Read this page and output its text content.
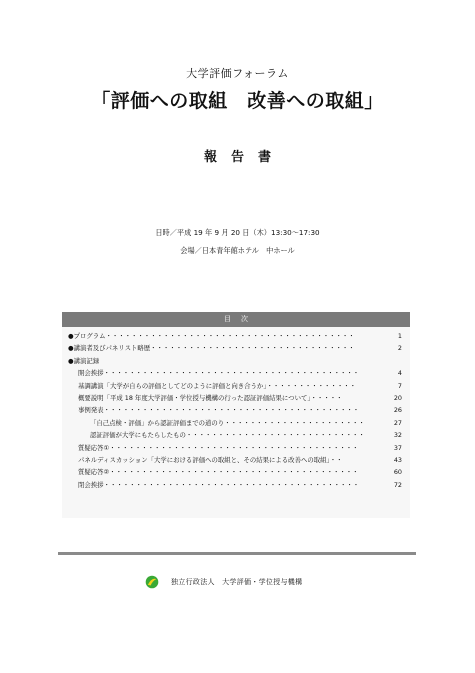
大学評価フォーラム
「評価への取組　改善への取組」
報告書
日時／平成 19 年 9 月 20 日（木）13:30～17:30
会場／日本青年館ホテル　中ホール
目次
●プログラム・・・・・・・・・・・・・・・・・・・・・・・・・・・・・・・・・・・・・・・	1
●講演者及びパネリスト略歴・・・・・・・・・・・・・・・・・・・・・・・・・・・・・・・・	2
●講演記録
開会挨拶・・・・・・・・・・・・・・・・・・・・・・・・・・・・・・・・・・・・・・・・	4
基調講演「大学が自らの評価としてどのように評価と向き合うか」・・・・・・・・・・・・・・	7
概要説明「平成 18 年度大学評価・学位授与機構の行った認証評価結果について」・・・・・	20
事例発表・・・・・・・・・・・・・・・・・・・・・・・・・・・・・・・・・・・・・・・・	26
「自己点検・評価」から認証評価までの道のり・・・・・・・・・・・・・・・・・・・・・・	27
認証評価が大学にもたらしたもの・・・・・・・・・・・・・・・・・・・・・・・・・・・・	32
質疑応答①・・・・・・・・・・・・・・・・・・・・・・・・・・・・・・・・・・・・・・・	37
パネルディスカッション「大学における評価への取組と、その結果による改善への取組」・・	43
質疑応答②・・・・・・・・・・・・・・・・・・・・・・・・・・・・・・・・・・・・・・・	60
閉会挨拶・・・・・・・・・・・・・・・・・・・・・・・・・・・・・・・・・・・・・・・・	72
独立行政法人　大学評価・学位授与機構
